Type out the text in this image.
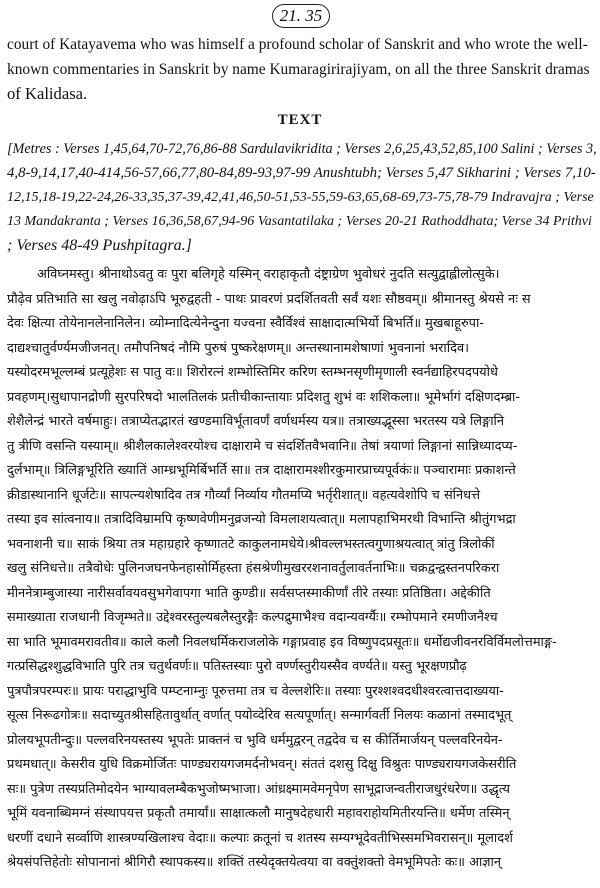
21. 35
court of Katayavema who was himself a profound scholar of Sanskrit and who wrote the well-
known commentaries in Sanskrit by name Kumaragirirajiyam, on all the three Sanskrit dramas
of Kalidasa.
TEXT
[Metres : Verses 1,45,64,70-72,76,86-88 Sardulavikridita ; Verses 2,6,25,43,52,85,100 Salini ; Verses 3,
4,8-9,14,17,40-414,56-57,66,77,80-84,89-93,97-99 Anushtubh; Verses 5,47 Sikharini ; Verses 7,10-
12,15,18-19,22-24,26-33,35,37-39,42,41,46,50-51,53-55,59-63,65,68-69,73-75,78-79 Indravajra ; Verse
13 Mandakranta ; Verses 16,36,58,67,94-96 Vasantatilaka ; Verses 20-21 Rathoddhata; Verse 34 Prithvi
; Verses 48-49 Pushpitagra.]
अविघ्नमस्तु। श्रीनाथोऽवतु वः पुरा बलिगृहे यस्मिन् वराहाकृतौ दंष्ट्राग्रेण भुवोधरं नुदति सत्युद्वाह्लीलोत्सुके।
प्रौढ़ेव प्रतिभाति सा खलु नवोढ़ाऽपि भूरुद्वहती - पाथः प्रावरणं प्रदर्शितवती सर्वं यशः सौष्ठवम्॥ श्रीमानस्तु श्रेयसे नः स
देवः क्षित्या तोयेनानलेनानिलेन। व्योम्नादित्येनेन्दुना यज्वना स्वैर्विश्वं साक्षादात्मभिर्यो बिभर्ति॥ मुखबाहूरुपा-
दाद्यश्चातुर्वर्ण्यमजीजनत्। तमौपनिषदं नौमि पुरुषं पुष्करेक्षणम्॥ अन्तस्थानामशेषाणां भुवनानां भरादिव।
यस्योदरमभूल्लम्बं प्रत्यूहेशः स पातु वः॥ शिरोरत्नं शम्भोस्तिमिर करिण स्तम्भनसृणीमृणाली स्वर्नद्याहिरपदपयोधे
प्रवहणम्।सुधापानद्रोणी सुरपरिषदो भालतिलकं प्रतीचीकान्तायाः प्रदिशतु शुभं वः शशिकला॥ भूमेर्भागं दक्षिणदम्ब्रा-
शेशैलेन्द्रं भारते वर्षमाहुः। तत्राप्येतद्भारतं खण्डमाविर्भूतावर्णं वर्णधर्मस्य यत्र॥ तत्राख्यद्भूस्सा भरतस्य यत्रे लिङ्गानि
तु त्रीणि वसन्ति यस्याम्॥ श्रीशैलकालेश्वरयोश्च दाक्षारामे च संदर्शितवैभवानि॥ तेषां त्रयाणां लिङ्गानां सान्निध्यादप्य-
दुर्लभाम्॥ त्रिलिङ्गभूरिति ख्यातिं आम्ध्रभूमिर्बिभर्ति सा॥ तत्र दाक्षारामश्शीरकुमारप्राच्यपूर्वकंः॥ पञ्चारामाः प्रकाशन्ते
क्रीडास्थानानि धूर्जटेः॥ सापत्न्यशेषादिव तत्र गौर्व्यां निर्व्याय गौतमप्यि भर्तृरीशात्॥ वहत्यवेशोपि च संनिधत्ते
तस्या इव सांत्वनाय॥ तत्रादिविम्रामपि कृष्णवेणीमनुव्रजन्यो विमलाशयत्वात्॥ मलापहाभिमरथी विभान्ति श्रीतुंगभद्रा
भवनाशनी च॥ साकं श्रिया तत्र महाग्रहारे कृष्णातटे काकुलनामधेये।श्रीवल्लभस्तत्वगुणाश्रयत्वात् त्रांतु त्रिलोकीं
खलु संनिधत्ते॥ तत्रैवोधेः पुलिनजघनफेनहासोर्मिहस्ता हंसश्रेणीमुखररशनावर्तुलावर्तनाभिः॥ चक्रद्वन्द्वस्तनपरिकरा
मीननेत्राम्बुजास्या नारीसर्वावयवसुभगेवापगा भाति कुण्डी॥ सर्वसप्तस्माकीर्णां तीरे तस्याः प्रतिष्ठिता। अद्देकीति
समाख्याता राजधानी विजृम्भते॥ उद्देश्वरस्तुल्यबलैस्तुरङ्गैः कल्पद्रुमाभैश्च वदान्यवर्ग्यैः॥ रम्भोपमाने रमणीजनैश्च
सा भाति भूमावमरावतीव॥ काले कलौ निवलधर्मिकराजलोके गङ्गाप्रवाह इव विष्णुपदप्रसूतः॥ धर्मोद्यजीवनरविर्विमलोत्तमाङ्ग-
गत्प्रसिद्धश्शुद्धविभाति पुरि तत्र चतुर्थवर्णः॥ पतिस्तस्याः पुरो वर्ण्णस्तुरीयस्सैव वर्ण्यते॥ यस्तु भूरक्षणप्रौढ़
पुत्रपौत्रपरम्परः॥ प्रायः पराद्धाभुवि पम्प्टनाम्नुः पूरुत्तमा तत्र च वेल्लशेरिः॥ तस्याः पुरश्शश्वदधीश्वरत्वात्तदाख्यया-
सूत्स निरूढगोत्रः॥ सदाच्युतश्रीसहितावुर्थात् वर्णात् पयोव्देरिव सत्यपूर्णात्। सन्मार्गवर्ती निलयः कळानां तस्मादभूत्
प्रोलयभूपतीन्दुः॥ पल्लवरिनयस्तस्य भूपतेः प्राक्तनं च भुवि धर्ममुद्वरन् तद्वदेव च स कीर्तिमार्जयन् पल्लवरिनयेन-
प्रथमधात्॥ केसरीव युधि विक्रमोर्जितः पाण्ड्यरायगजमर्दनोभवन्। संततं दशसु दिक्षु विश्रुतः पाण्ड्यरायगजकेसरीति
सः॥ पुत्रेण तस्यप्रतिमोदयेन भाग्यावलम्बैकभुजोष्मभाजा। आंध्रक्ष्मामवेमनृपेण साभूद्राजन्वतीराजधुरंधरेण॥ उद्धृत्य
भूमिं यवनाब्धिमग्नं संस्थापयत्त प्रकृतौ तमार्यां॥ साक्षात्कलौ मानुषदेहधारी महावराहोयमितीरयन्ति॥ धर्मेण तस्मिन्
धरणीं दधाने सर्व्वाणि शास्त्रण्यखिलाश्च वेदाः॥ कल्पाः क्रतूनां च शतस्य सम्यग्भूदेवतीभिस्समभिवरासन्॥ मूलादर्श
श्रेयसंपत्तिहेतोः सोपानानां श्रीगिरौ स्थापकस्य॥ शक्तिं तस्येदृक्तयेत्वया वा वक्तुंशक्तो वेमभूमिपतेः कः॥ आज्ञान्
